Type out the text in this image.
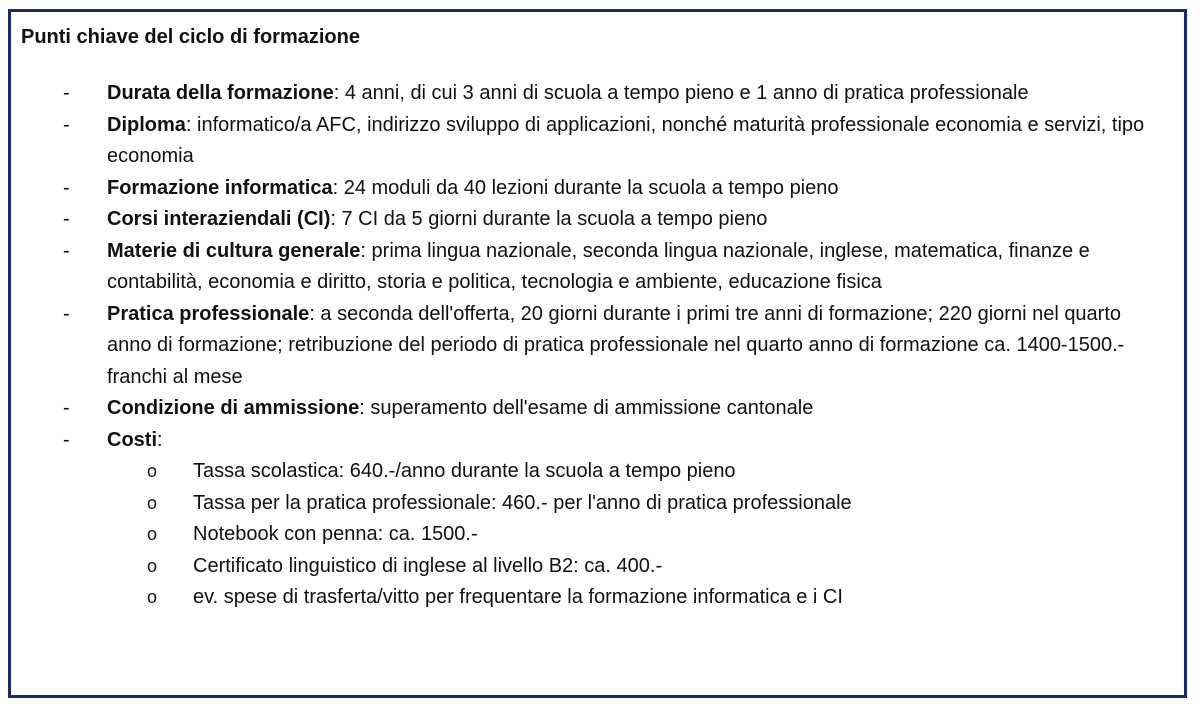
Punti chiave del ciclo di formazione
-	Durata della formazione: 4 anni, di cui 3 anni di scuola a tempo pieno e 1 anno di pratica professionale
-	Diploma: informatico/a AFC, indirizzo sviluppo di applicazioni, nonché maturità professionale economia e servizi, tipo economia
-	Formazione informatica: 24 moduli da 40 lezioni durante la scuola a tempo pieno
-	Corsi interaziendali (CI): 7 CI da 5 giorni durante la scuola a tempo pieno
-	Materie di cultura generale: prima lingua nazionale, seconda lingua nazionale, inglese, matematica, finanze e contabilità, economia e diritto, storia e politica, tecnologia e ambiente, educazione fisica
-	Pratica professionale: a seconda dell'offerta, 20 giorni durante i primi tre anni di formazione; 220 giorni nel quarto anno di formazione; retribuzione del periodo di pratica professionale nel quarto anno di formazione ca. 1400-1500.- franchi al mese
-	Condizione di ammissione: superamento dell'esame di ammissione cantonale
-	Costi:
o Tassa scolastica: 640.-/anno durante la scuola a tempo pieno
o Tassa per la pratica professionale: 460.- per l'anno di pratica professionale
o Notebook con penna: ca. 1500.-
o Certificato linguistico di inglese al livello B2: ca. 400.-
o ev. spese di trasferta/vitto per frequentare la formazione informatica e i CI
